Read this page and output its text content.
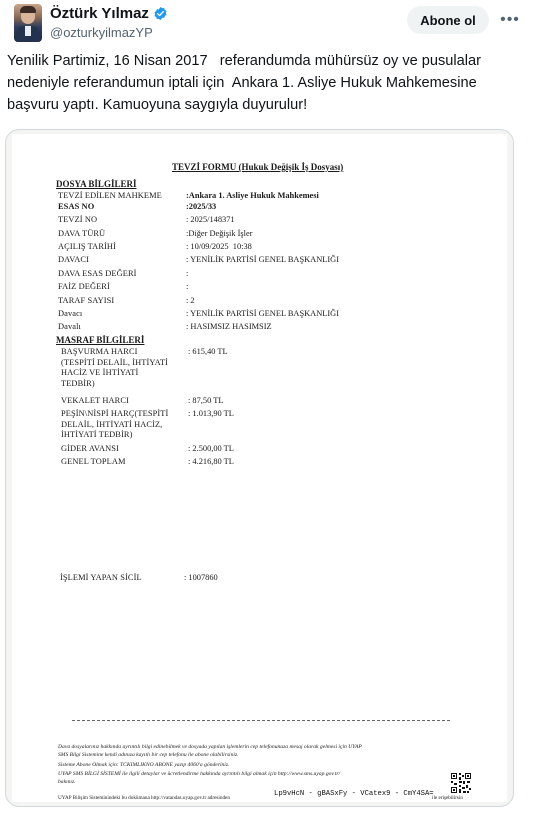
Öztürk Yılmaz
@ozturkyilmazYP
Abone ol	•••
Yenilik Partimiz, 16 Nisan 2017   referandumda mühürsüz oy ve pusulalar nedeniyle referandumun iptali için  Ankara 1. Asliye Hukuk Mahkemesine başvuru yaptı. Kamuoyuna saygıyla duyurulur!
TEVZİ FORMU (Hukuk Değişik İş Dosyası)
DOSYA BİLGİLERİ
TEVZİ EDİLEN MAHKEME	:Ankara 1. Asliye Hukuk Mahkemesi
ESAS NO	:2025/33
TEVZİ NO	: 2025/148371
DAVA TÜRÜ	:Diğer Değişik İşler
AÇILIŞ TARİHİ	: 10/09/2025  10:38
DAVACI	: YENİLİK PARTİSİ GENEL BAŞKANLIĞI
DAVA ESAS DEĞERİ	:
FAİZ DEĞERİ	:
TARAF SAYISI	: 2
Davacı	: YENİLİK PARTİSİ GENEL BAŞKANLIĞI
Davalı	: HASIMSIZ HASIMSIZ
MASRAF BİLGİLERİ
BAŞVURMA HARCI
(TESPİTİ DELAİL, İHTİYATİ
HACİZ VE İHTİYATİ
TEDBİR)
: 615,40 TL
VEKALET HARCI	: 87,50 TL
PEŞİN\NİSPİ HARÇ(TESPİTİ
DELAİL, İHTİYATİ HACİZ,
İHTİYATİ TEDBİR)
: 1.013,90 TL
GİDER AVANSI	: 2.500,00 TL
GENEL TOPLAM	: 4.216,80 TL
İŞLEMİ YAPAN SİCİL	: 1007860
Dava dosyalarınız hakkında ayrıntılı bilgi edinebilmek ve dosyada yapılan işlemlerin cep telefonunuza mesaj olarak gelmesi için UYAP
SMS Bilgi Sistemine kendi adınıza kayıtlı bir cep telefonu ile abone olabilirsiniz.
Sisteme Abone Olmak için: TCKIMLIKNO ABONE yazıp 4060'a gönderiniz.
UYAP SMS BİLGİ SİSTEMİ ile ilgili detaylar ve ücretlendirme hakkında ayrıntılı bilgi almak için http://www.sms.uyap.gov.tr/
bakınız.
UYAP Bilişim Sisteminindeki bu dokümana http://vatandas.uyap.gov.tr adresinden	Lp9vHcN - gBASxFy - VCatex9 - CmY4SA=
ile erişebilirsin
